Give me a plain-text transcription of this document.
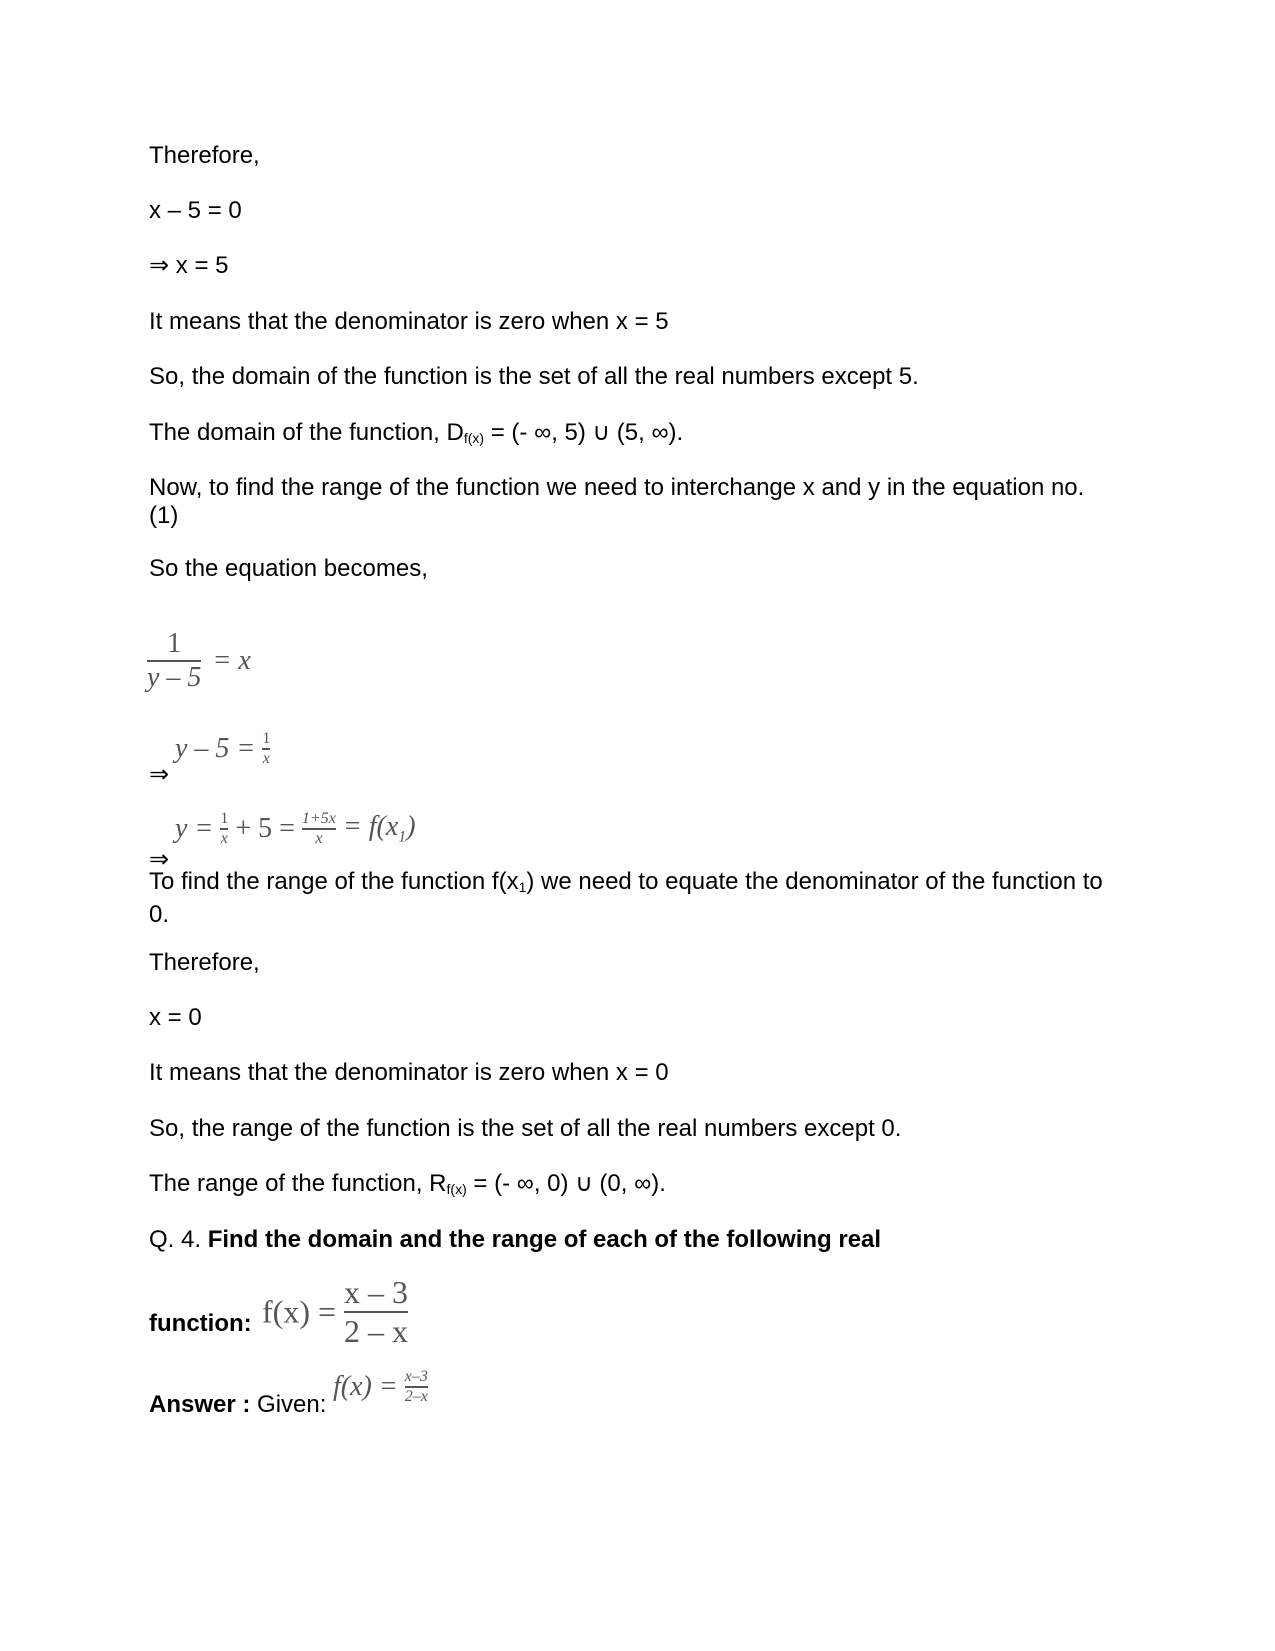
Therefore,
x – 5 = 0
⇒ x = 5
It means that the denominator is zero when x = 5
So, the domain of the function is the set of all the real numbers except 5.
The domain of the function, $D_{f(x)}$ = (- ∞, 5) ∪ (5, ∞).
Now, to find the range of the function we need to interchange x and y in the equation no. (1)
So the equation becomes,
$\frac{1}{y - 5} = x$
⇒
$y - 5 = \frac{1}{x}$
⇒
$y = \frac{1}{x} + 5 = \frac{1+5x}{x} = f(x_1)$
To find the range of the function $f(x_1)$ we need to equate the denominator of the function to 0.
Therefore,
x = 0
It means that the denominator is zero when x = 0
So, the range of the function is the set of all the real numbers except 0.
The range of the function, $R_{f(x)}$ = (- ∞, 0) ∪ (0, ∞).
Q. 4. Find the domain and the range of each of the following real
$f(x) = \frac{x - 3}{2 - x}$
function:
Answer : Given:
$f(x) = \frac{x-3}{2-x}$
